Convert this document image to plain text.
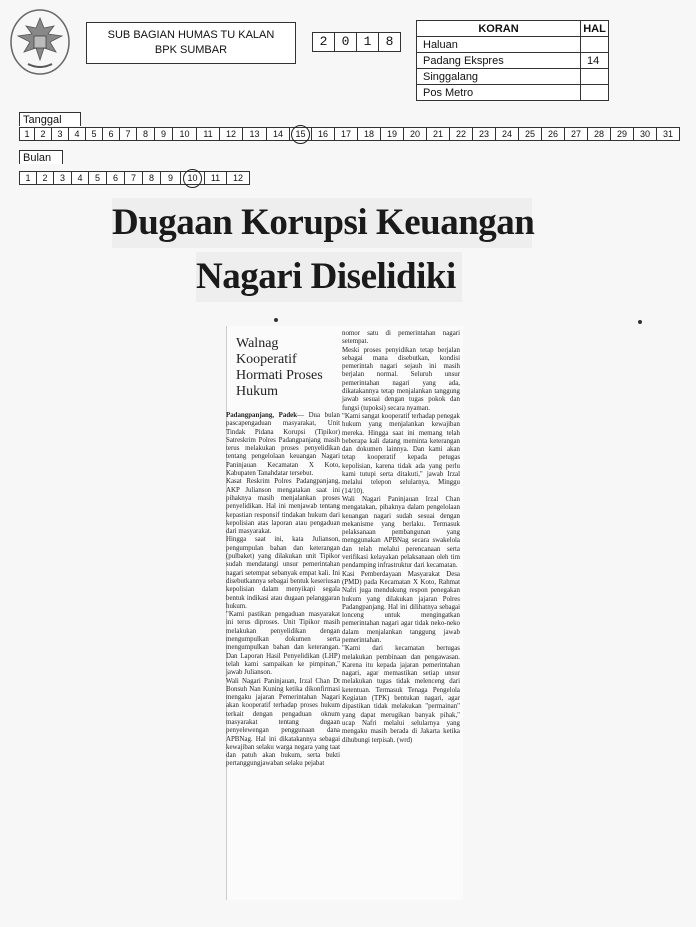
SUB BAGIAN HUMAS TU KALAN
BPK SUMBAR
2	0	1	8
KORAN	HAL
Haluan	
Padang Ekspres	14
Singgalang	
Pos Metro	
Tanggal
1	2	3	4	5	6	7	8	9	10	11	12	13	14	15	16	17	18	19	20	21	22	23	24	25	26	27	28	29	30	31
Bulan
1	2	3	4	5	6	7	8	9	10	11	12
Dugaan Korupsi Keuangan
Nagari Diselidiki
Walnag Kooperatif Hormati Proses Hukum
Padangpanjang, Padek— Dua bulan pascapengaduan masyarakat, Unit Tindak Pidana Korupsi (Tipikor) Satreskrim Polres Padangpanjang masih terus melakukan proses penyelidikan tentang pengelolaan keuangan Nagari Paninjauan Kecamatan X Koto, Kabupaten Tanahdatar tersebut.
Kasat Reskrim Polres Padangpanjang, AKP Julianson mengatakan saat ini pihaknya masih menjalankan proses penyelidikan. Hal ini menjawab tentang kepastian responsif tindakan hukum dari kepolisian atas laporan atau pengaduan dari masyarakat.
Hingga saat ini, kata Julianson, pengumpulan bahan dan keterangan (pulbaket) yang dilakukan unit Tipikor sudah mendatangi unsur pemerintahan nagari setempat sebanyak empat kali. Ini disebutkannya sebagai bentuk keseriusan kepolisian dalam menyikapi segala bentuk indikasi atau dugaan pelanggaran hukum.
"Kami pastikan pengaduan masyarakat ini terus diproses. Unit Tipikor masih melakukan penyelidikan dengan mengumpulkan dokumen serta mengumpulkan bahan dan keterangan. Dan Laporan Hasil Penyelidikan (LHP) telah kami sampaikan ke pimpinan," jawab Julianson.
Wali Nagari Paninjauan, Irzal Chan Dt Bonsuh Nan Kuning ketika dikonfirmasi mengaku jajaran Pemerintahan Nagari akan kooperatif terhadap proses hukum terkait dengan pengaduan oknum masyarakat tentang dugaan penyelewengan penggunaan dana APBNag. Hal ini dikatakannya sebagai kewajiban selaku warga negara yang taat dan patuh akan hukum, serta bukti pertanggungjawaban selaku pejabat
nomor satu di pemerintahan nagari setempat.
Meski proses penyidikan tetap berjalan sebagai mana disebutkan, kondisi pemerintah nagari sejauh ini masih berjalan normal. Seluruh unsur pemerintahan nagari yang ada, dikatakannya tetap menjalankan tanggung jawab sesuai dengan tugas pokok dan fungsi (tupoksi) secara nyaman.
"Kami sangat kooperatif terhadap penegak hukum yang menjalankan kewajiban mereka. Hingga saat ini memang telah beberapa kali datang meminta keterangan dan dokumen lainnya. Dan kami akan tetap kooperatif kepada petugas kepolisian, karena tidak ada yang perlu kami tutupi serta ditakuti," jawab Irzal melalui telepon selularnya, Minggu (14/10).
Wali Nagari Paninjauan Irzal Chan mengatakan, pihaknya dalam pengelolaan keuangan nagari sudah sesuai dengan mekanisme yang berlaku. Termasuk pelaksanaan pembangunan yang menggunakan APBNag secara swakelola dan telah melalui perencanaan serta verifikasi kelayakan pelaksanaan oleh tim pendamping infrastruktur dari kecamatan.
Kasi Pemberdayaan Masyarakat Desa (PMD) pada Kecamatan X Koto, Rahmat Nafri juga mendukung respon penegakan hukum yang dilakukan jajaran Polres Padangpanjang. Hal ini dilihatnya sebagai lonceng untuk mengingatkan pemerintahan nagari agar tidak neko-neko dalam menjalankan tanggung jawab pemerintahan.
"Kami dari kecamatan bertugas melakukan pembinaan dan pengawasan. Karena itu kepada jajaran pemerintahan nagari, agar memastikan setiap unsur melakukan tugas tidak melenceng dari ketentuan. Termasuk Tenaga Pengelola Kegiatan (TPK) bentukan nagari, agar dipastikan tidak melakukan "permainan" yang dapat merugikan banyak pihak," ucap Nafri melalui selularnya yang mengaku masih berada di Jakarta ketika dihubungi terpisah. (wrd)
